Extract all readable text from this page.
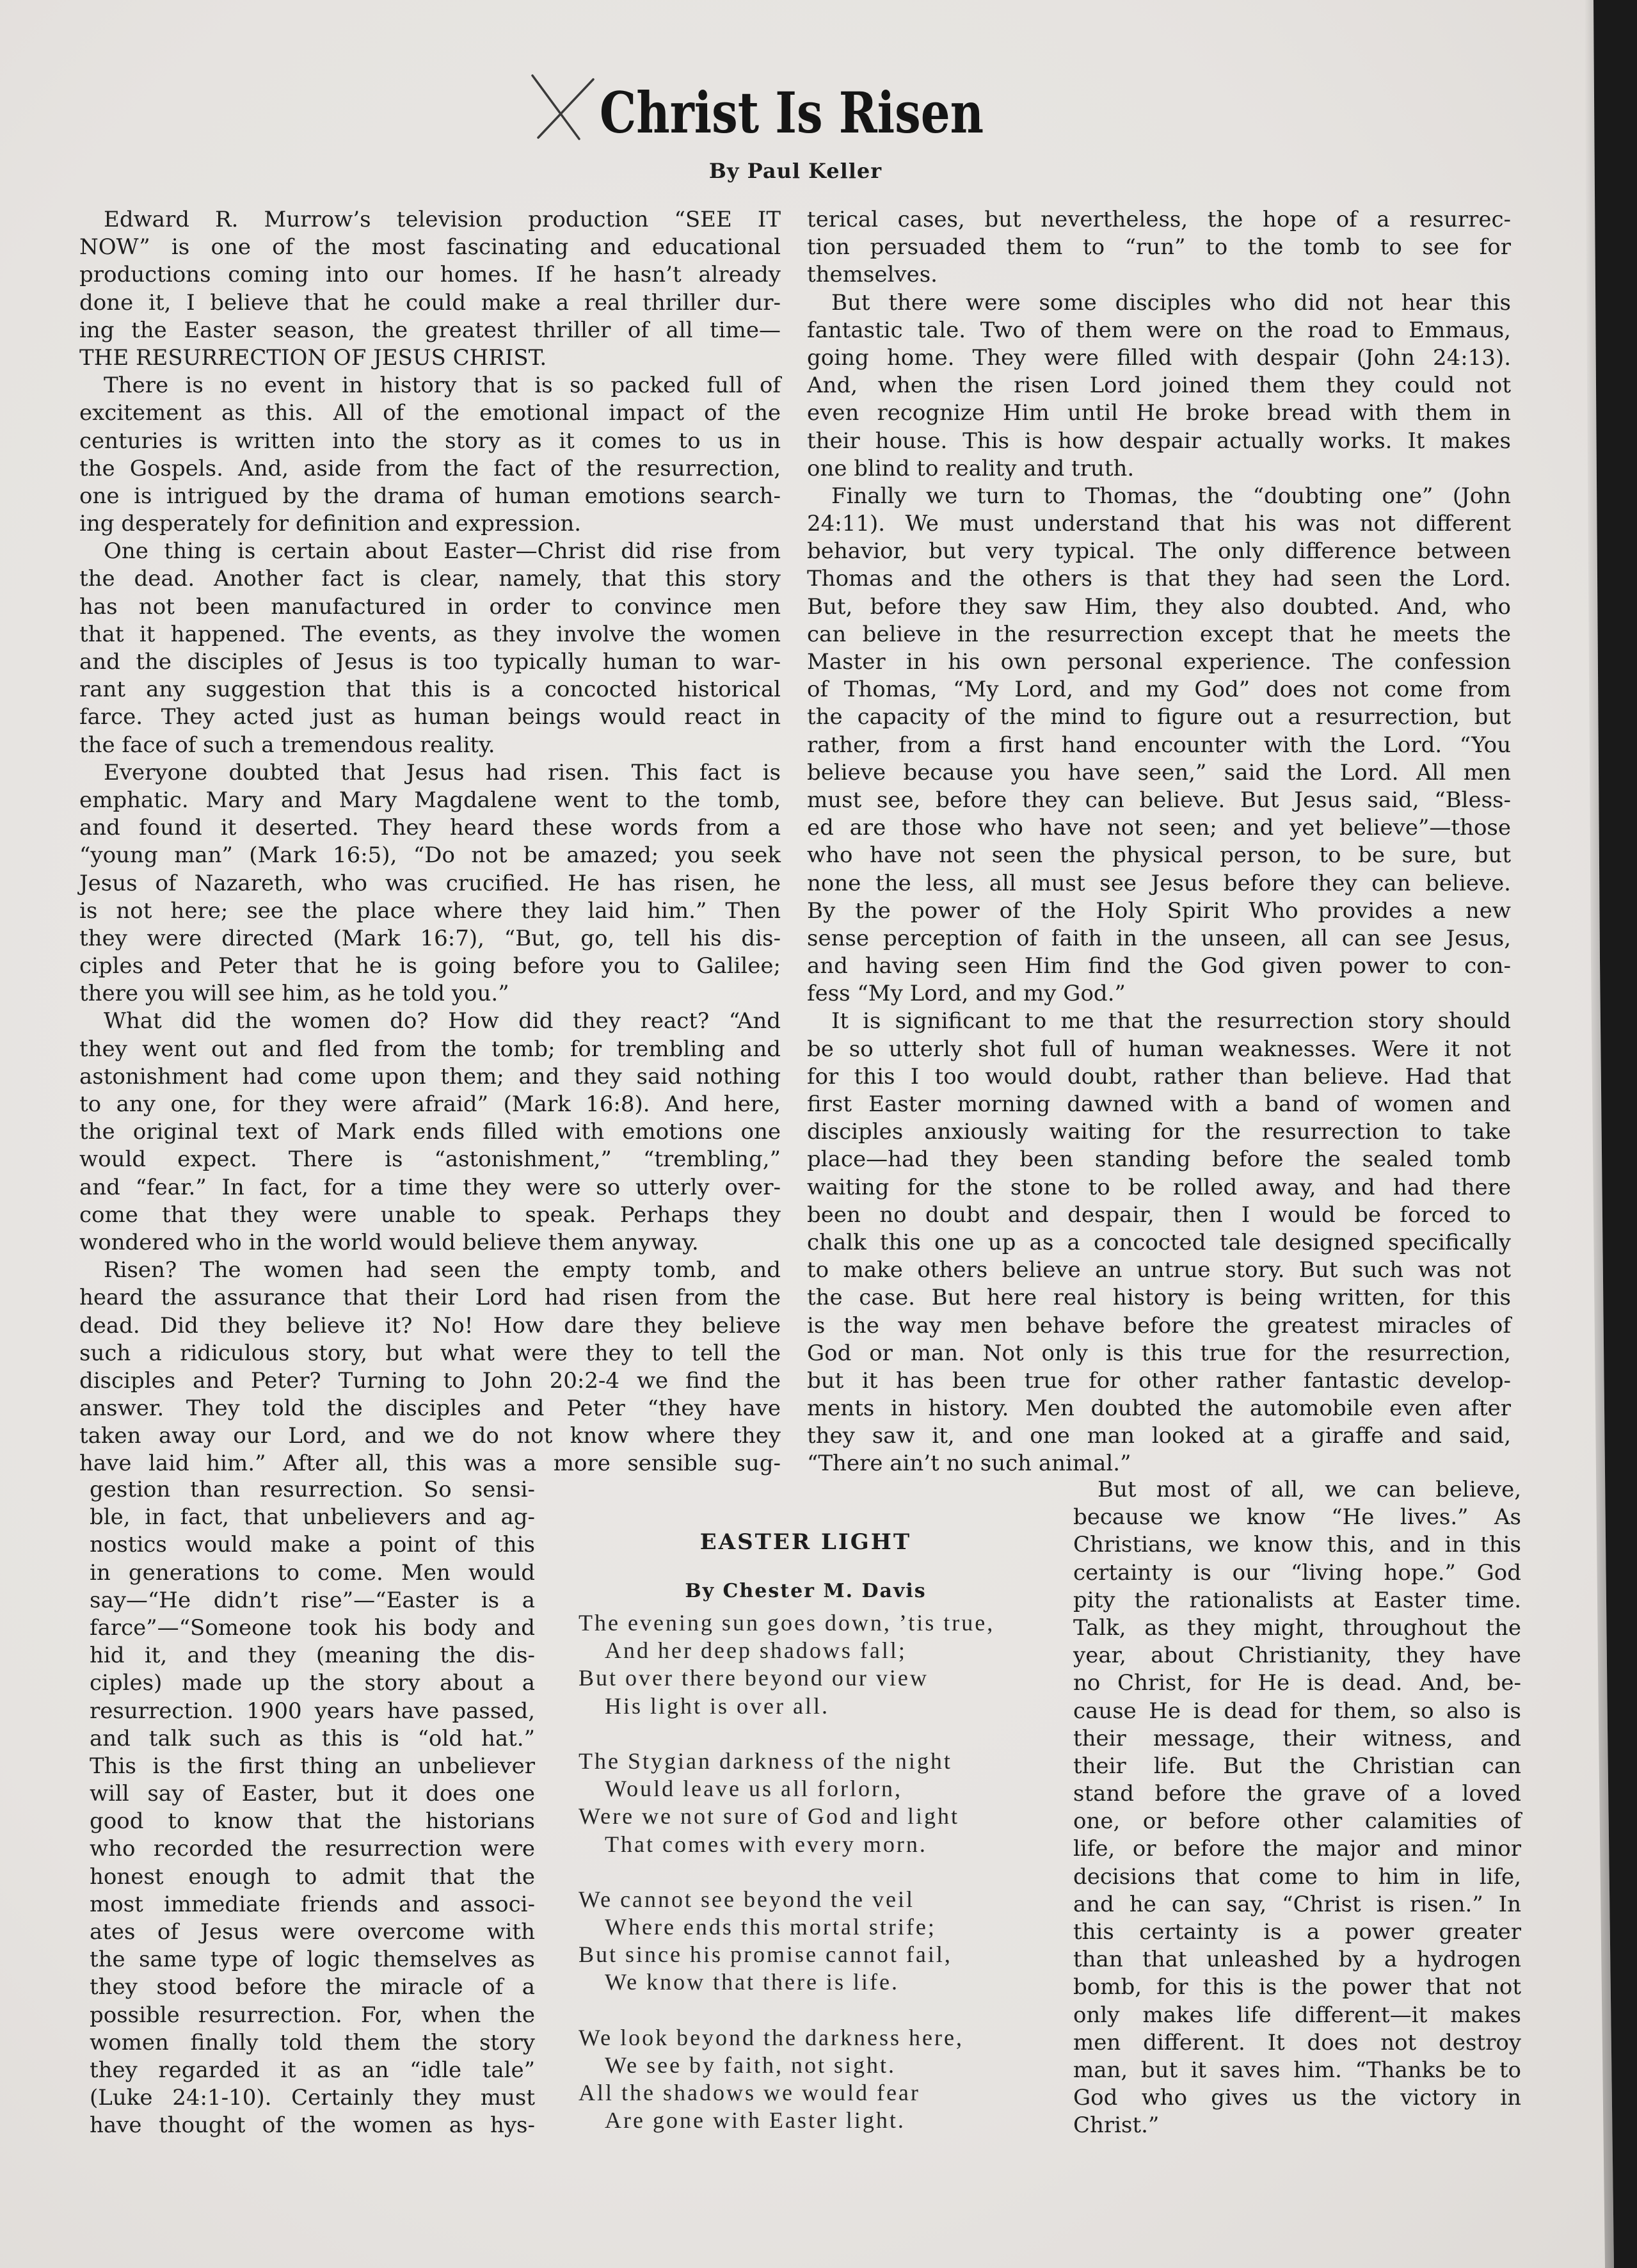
Christ Is Risen
By Paul Keller
Edward R. Murrow’s television production “SEE IT
NOW” is one of the most fascinating and educational
productions coming into our homes. If he hasn’t already
done it, I believe that he could make a real thriller dur-
ing the Easter season, the greatest thriller of all time—
THE RESURRECTION OF JESUS CHRIST.
There is no event in history that is so packed full of
excitement as this. All of the emotional impact of the
centuries is written into the story as it comes to us in
the Gospels. And, aside from the fact of the resurrection,
one is intrigued by the drama of human emotions search-
ing desperately for definition and expression.
One thing is certain about Easter—Christ did rise from
the dead. Another fact is clear, namely, that this story
has not been manufactured in order to convince men
that it happened. The events, as they involve the women
and the disciples of Jesus is too typically human to war-
rant any suggestion that this is a concocted historical
farce. They acted just as human beings would react in
the face of such a tremendous reality.
Everyone doubted that Jesus had risen. This fact is
emphatic. Mary and Mary Magdalene went to the tomb,
and found it deserted. They heard these words from a
“young man” (Mark 16:5), “Do not be amazed; you seek
Jesus of Nazareth, who was crucified. He has risen, he
is not here; see the place where they laid him.” Then
they were directed (Mark 16:7), “But, go, tell his dis-
ciples and Peter that he is going before you to Galilee;
there you will see him, as he told you.”
What did the women do? How did they react? “And
they went out and fled from the tomb; for trembling and
astonishment had come upon them; and they said nothing
to any one, for they were afraid” (Mark 16:8). And here,
the original text of Mark ends filled with emotions one
would expect. There is “astonishment,” “trembling,”
and “fear.” In fact, for a time they were so utterly over-
come that they were unable to speak. Perhaps they
wondered who in the world would believe them anyway.
Risen? The women had seen the empty tomb, and
heard the assurance that their Lord had risen from the
dead. Did they believe it? No! How dare they believe
such a ridiculous story, but what were they to tell the
disciples and Peter? Turning to John 20:2-4 we find the
answer. They told the disciples and Peter “they have
taken away our Lord, and we do not know where they
have laid him.” After all, this was a more sensible sug-
gestion than resurrection. So sensi-
ble, in fact, that unbelievers and ag-
nostics would make a point of this
in generations to come. Men would
say—“He didn’t rise”—“Easter is a
farce”—“Someone took his body and
hid it, and they (meaning the dis-
ciples) made up the story about a
resurrection. 1900 years have passed,
and talk such as this is “old hat.”
This is the first thing an unbeliever
will say of Easter, but it does one
good to know that the historians
who recorded the resurrection were
honest enough to admit that the
most immediate friends and associ-
ates of Jesus were overcome with
the same type of logic themselves as
they stood before the miracle of a
possible resurrection. For, when the
women finally told them the story
they regarded it as an “idle tale”
(Luke 24:1-10). Certainly they must
have thought of the women as hys-
terical cases, but nevertheless, the hope of a resurrec-
tion persuaded them to “run” to the tomb to see for
themselves.
But there were some disciples who did not hear this
fantastic tale. Two of them were on the road to Emmaus,
going home. They were filled with despair (John 24:13).
And, when the risen Lord joined them they could not
even recognize Him until He broke bread with them in
their house. This is how despair actually works. It makes
one blind to reality and truth.
Finally we turn to Thomas, the “doubting one” (John
24:11). We must understand that his was not different
behavior, but very typical. The only difference between
Thomas and the others is that they had seen the Lord.
But, before they saw Him, they also doubted. And, who
can believe in the resurrection except that he meets the
Master in his own personal experience. The confession
of Thomas, “My Lord, and my God” does not come from
the capacity of the mind to figure out a resurrection, but
rather, from a first hand encounter with the Lord. “You
believe because you have seen,” said the Lord. All men
must see, before they can believe. But Jesus said, “Bless-
ed are those who have not seen; and yet believe”—those
who have not seen the physical person, to be sure, but
none the less, all must see Jesus before they can believe.
By the power of the Holy Spirit Who provides a new
sense perception of faith in the unseen, all can see Jesus,
and having seen Him find the God given power to con-
fess “My Lord, and my God.”
It is significant to me that the resurrection story should
be so utterly shot full of human weaknesses. Were it not
for this I too would doubt, rather than believe. Had that
first Easter morning dawned with a band of women and
disciples anxiously waiting for the resurrection to take
place—had they been standing before the sealed tomb
waiting for the stone to be rolled away, and had there
been no doubt and despair, then I would be forced to
chalk this one up as a concocted tale designed specifically
to make others believe an untrue story. But such was not
the case. But here real history is being written, for this
is the way men behave before the greatest miracles of
God or man. Not only is this true for the resurrection,
but it has been true for other rather fantastic develop-
ments in history. Men doubted the automobile even after
they saw it, and one man looked at a giraffe and said,
“There ain’t no such animal.”
But most of all, we can believe,
because we know “He lives.” As
Christians, we know this, and in this
certainty is our “living hope.” God
pity the rationalists at Easter time.
Talk, as they might, throughout the
year, about Christianity, they have
no Christ, for He is dead. And, be-
cause He is dead for them, so also is
their message, their witness, and
their life. But the Christian can
stand before the grave of a loved
one, or before other calamities of
life, or before the major and minor
decisions that come to him in life,
and he can say, “Christ is risen.” In
this certainty is a power greater
than that unleashed by a hydrogen
bomb, for this is the power that not
only makes life different—it makes
men different. It does not destroy
man, but it saves him. “Thanks be to
God who gives us the victory in
Christ.”
EASTER LIGHT
By Chester M. Davis
The evening sun goes down, ’tis true,
And her deep shadows fall;
But over there beyond our view
His light is over all.
The Stygian darkness of the night
Would leave us all forlorn,
Were we not sure of God and light
That comes with every morn.
We cannot see beyond the veil
Where ends this mortal strife;
But since his promise cannot fail,
We know that there is life.
We look beyond the darkness here,
We see by faith, not sight.
All the shadows we would fear
Are gone with Easter light.
